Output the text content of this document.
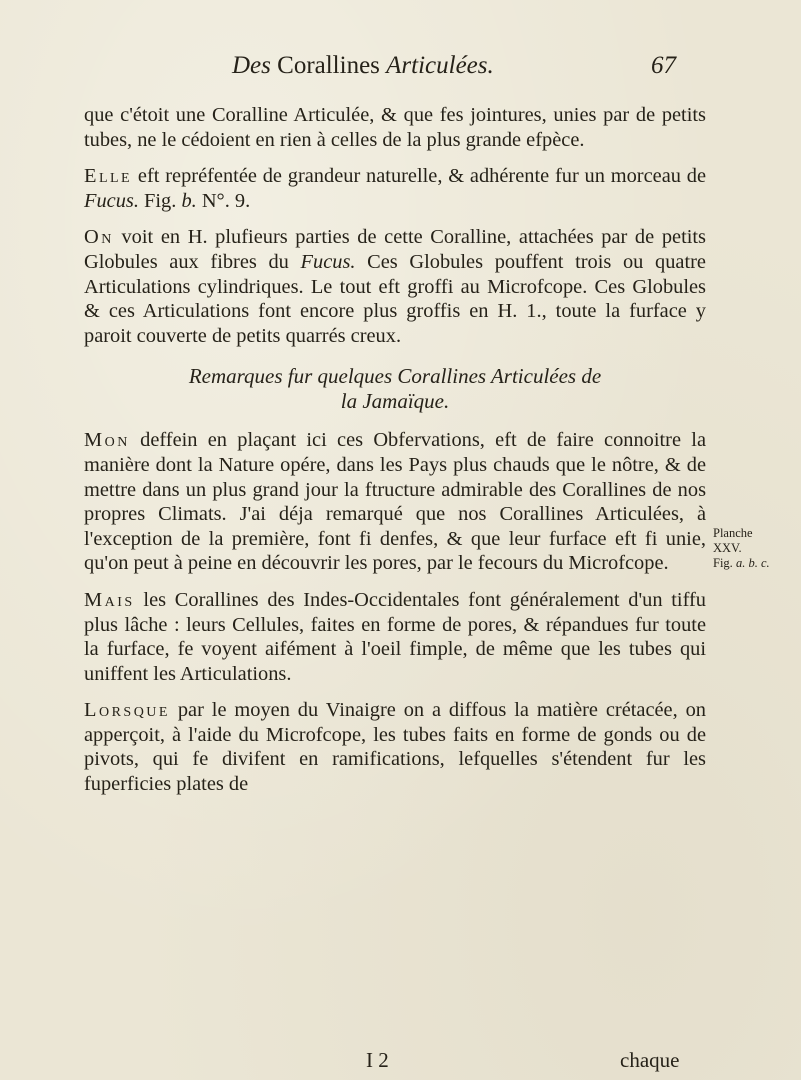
Des Corallines Articulées.	67

que c'étoit une Coralline Articulée, & que fes jointures, unies par de petits tubes, ne le cédoient en rien à celles de la plus grande efpèce.

Elle eft repréfentée de grandeur naturelle, & adhérente fur un morceau de Fucus. Fig. b. N°. 9.

On voit en H. plufieurs parties de cette Coralline, attachées par de petits Globules aux fibres du Fucus. Ces Globules pouffent trois ou quatre Articulations cylindriques. Le tout eft groffi au Microfcope. Ces Globules & ces Articulations font encore plus groffis en H. 1., toute la furface y paroit couverte de petits quarrés creux.

Remarques fur quelques Corallines Articulées de
la Jamaïque.

Mon deffein en plaçant ici ces Obfervations, eft de faire connoitre la manière dont la Nature opére, dans les Pays plus chauds que le nôtre, & de mettre dans un plus grand jour la ftructure admirable des Corallines de nos propres Climats. J'ai déja remarqué que nos Corallines Articulées, à l'exception de la première, font fi denfes, & que leur furface eft fi unie, qu'on peut à peine en découvrir les pores, par le fecours du Microfcope.

Mais les Corallines des Indes-Occidentales font généralement d'un tiffu plus lâche : leurs Cellules, faites en forme de pores, & répandues fur toute la furface, fe voyent aifément à l'oeil fimple, de même que les tubes qui uniffent les Articulations.

Lorsque par le moyen du Vinaigre on a diffous la matière crétacée, on apperçoit, à l'aide du Microfcope, les tubes faits en forme de gonds ou de pivots, qui fe divifent en ramifications, lefquelles s'étendent fur les fuperficies plates de

Planche
XXV.
Fig. a. b. c.
I 2	chaque
